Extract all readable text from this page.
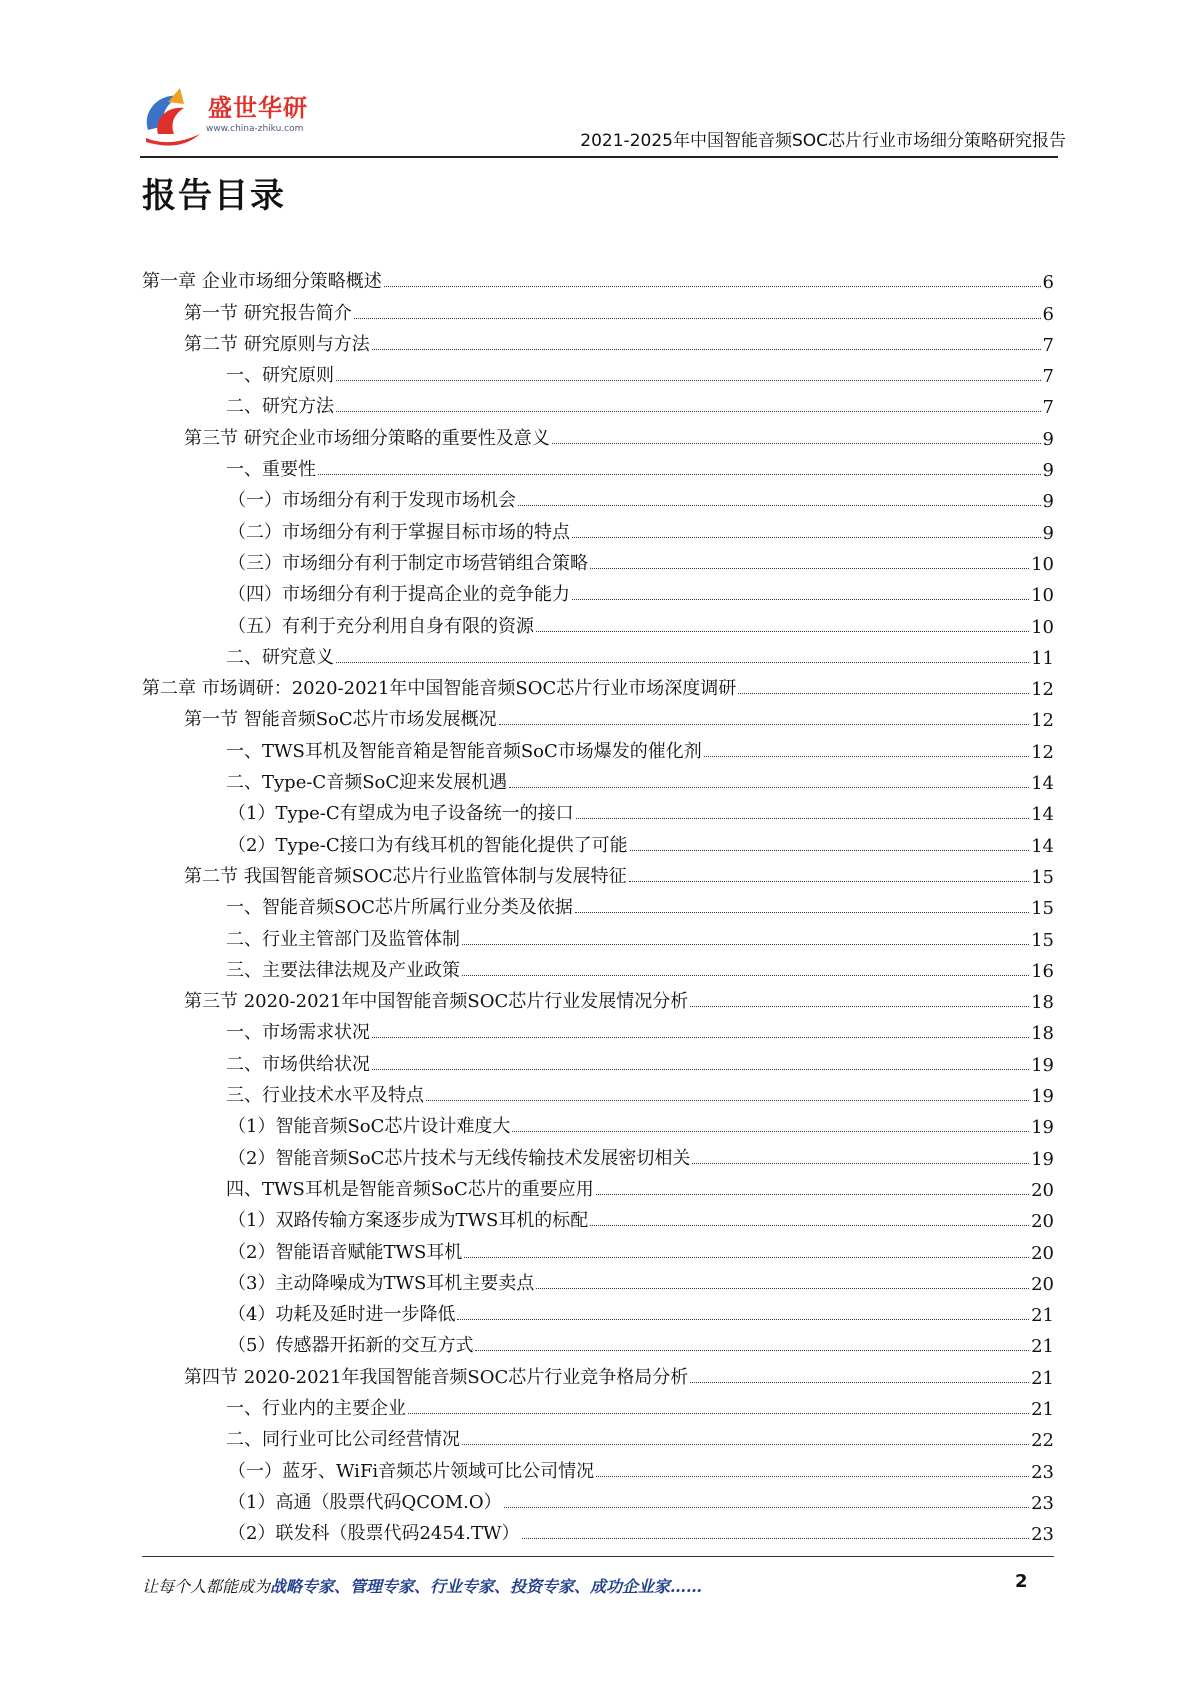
盛世华研
www.china-zhiku.com
2021-2025年中国智能音频SOC芯片行业市场细分策略研究报告
报告目录
第一章 企业市场细分策略概述	6
第一节 研究报告简介	6
第二节 研究原则与方法	7
一、研究原则	7
二、研究方法	7
第三节 研究企业市场细分策略的重要性及意义	9
一、重要性	9
（一）市场细分有利于发现市场机会	9
（二）市场细分有利于掌握目标市场的特点	9
（三）市场细分有利于制定市场营销组合策略	10
（四）市场细分有利于提高企业的竞争能力	10
（五）有利于充分利用自身有限的资源	10
二、研究意义	11
第二章 市场调研：2020-2021年中国智能音频SOC芯片行业市场深度调研	12
第一节 智能音频SoC芯片市场发展概况	12
一、TWS耳机及智能音箱是智能音频SoC市场爆发的催化剂	12
二、Type-C音频SoC迎来发展机遇	14
（1）Type-C有望成为电子设备统一的接口	14
（2）Type-C接口为有线耳机的智能化提供了可能	14
第二节 我国智能音频SOC芯片行业监管体制与发展特征	15
一、智能音频SOC芯片所属行业分类及依据	15
二、行业主管部门及监管体制	15
三、主要法律法规及产业政策	16
第三节 2020-2021年中国智能音频SOC芯片行业发展情况分析	18
一、市场需求状况	18
二、市场供给状况	19
三、行业技术水平及特点	19
（1）智能音频SoC芯片设计难度大	19
（2）智能音频SoC芯片技术与无线传输技术发展密切相关	19
四、TWS耳机是智能音频SoC芯片的重要应用	20
（1）双路传输方案逐步成为TWS耳机的标配	20
（2）智能语音赋能TWS耳机	20
（3）主动降噪成为TWS耳机主要卖点	20
（4）功耗及延时进一步降低	21
（5）传感器开拓新的交互方式	21
第四节 2020-2021年我国智能音频SOC芯片行业竞争格局分析	21
一、行业内的主要企业	21
二、同行业可比公司经营情况	22
（一）蓝牙、WiFi音频芯片领域可比公司情况	23
（1）高通（股票代码QCOM.O）	23
（2）联发科（股票代码2454.TW）	23
让每个人都能成为战略专家、管理专家、行业专家、投资专家、成功企业家……	2
